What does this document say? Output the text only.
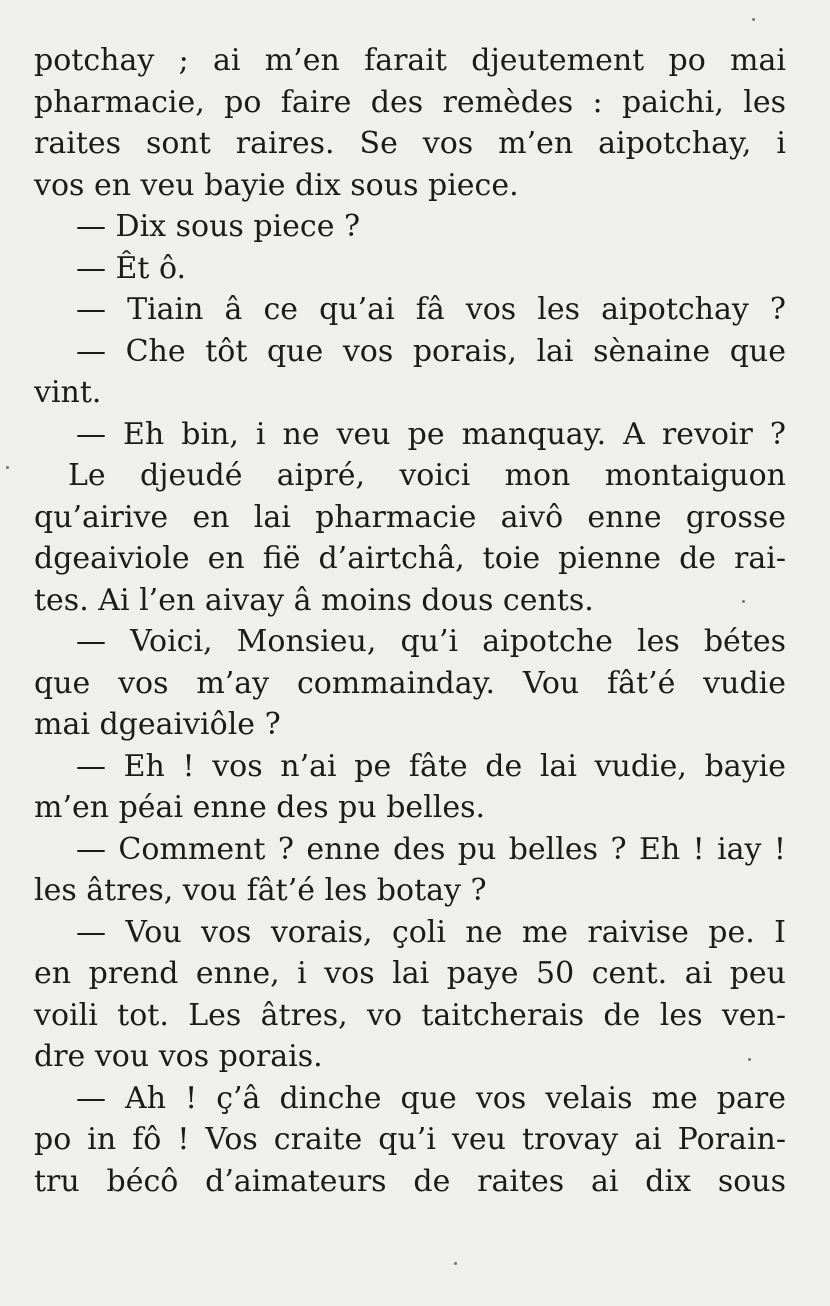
potchay ; ai m’en farait djeutement po mai
pharmacie, po faire des remèdes : paichi, les
raites sont raires. Se vos m’en aipotchay, i
vos en veu bayie dix sous piece.
— Dix sous piece ?
— Êt ô.
— Tiain â ce qu’ai fâ vos les aipotchay ?
— Che tôt que vos porais, lai sènaine que
vint.
— Eh bin, i ne veu pe manquay. A revoir ?
Le djeudé aipré, voici mon montaiguon
qu’airive en lai pharmacie aivô enne grosse
dgeaiviole en fië d’airtchâ, toie pienne de rai-
tes. Ai l’en aivay â moins dous cents.
— Voici, Monsieu, qu’i aipotche les bétes
que vos m’ay commainday. Vou fât’é vudie
mai dgeaiviôle ?
— Eh ! vos n’ai pe fâte de lai vudie, bayie
m’en péai enne des pu belles.
— Comment ? enne des pu belles ? Eh ! iay !
les âtres, vou fât’é les botay ?
— Vou vos vorais, çoli ne me raivise pe. I
en prend enne, i vos lai paye 50 cent. ai peu
voili tot. Les âtres, vo taitcherais de les ven-
dre vou vos porais.
— Ah ! ç’â dinche que vos velais me pare
po in fô ! Vos craite qu’i veu trovay ai Porain-
tru bécô d’aimateurs de raites ai dix sous
